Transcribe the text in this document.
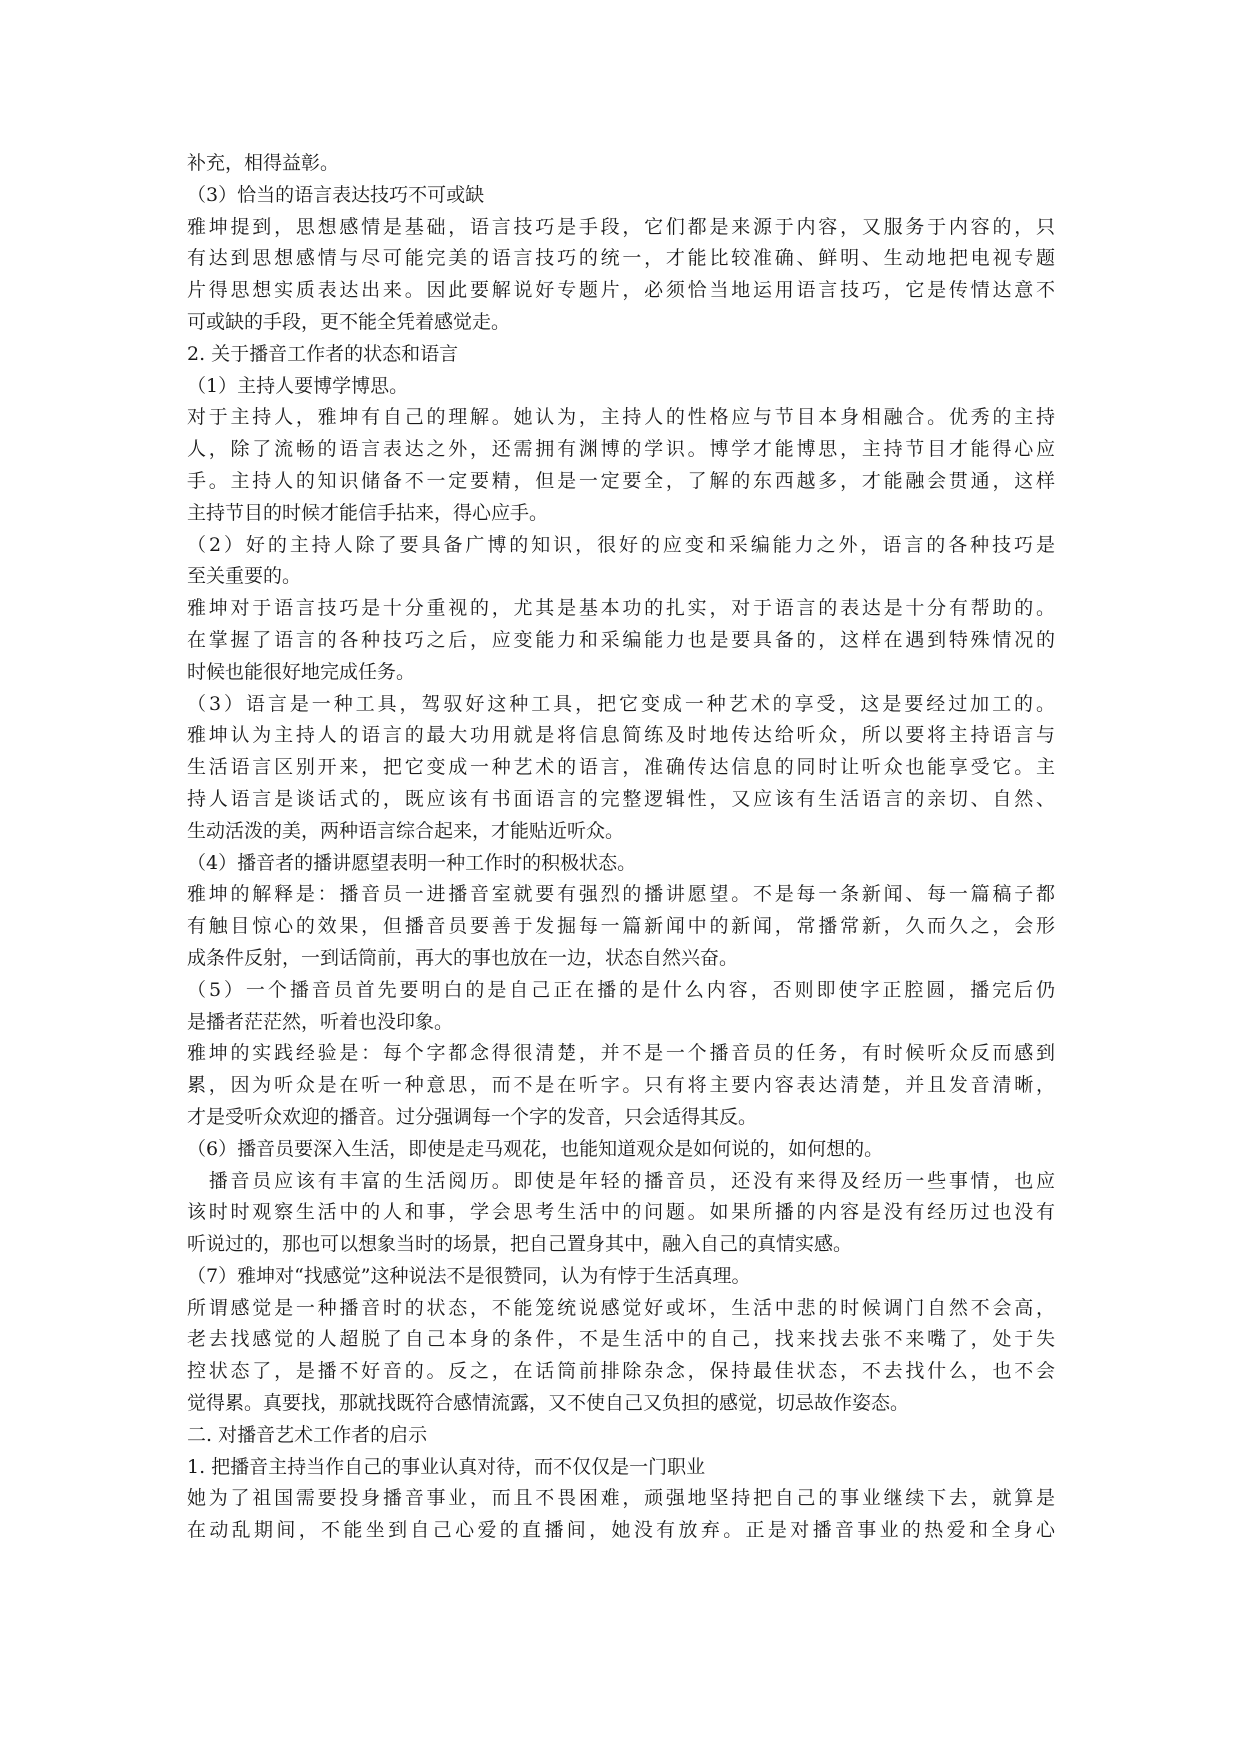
补充，相得益彰。
（3）恰当的语言表达技巧不可或缺
雅坤提到，思想感情是基础，语言技巧是手段，它们都是来源于内容，又服务于内容的，只
有达到思想感情与尽可能完美的语言技巧的统一，才能比较准确、鲜明、生动地把电视专题
片得思想实质表达出来。因此要解说好专题片，必须恰当地运用语言技巧，它是传情达意不
可或缺的手段，更不能全凭着感觉走。
2. 关于播音工作者的状态和语言
（1）主持人要博学博思。
对于主持人，雅坤有自己的理解。她认为，主持人的性格应与节目本身相融合。优秀的主持
人，除了流畅的语言表达之外，还需拥有渊博的学识。博学才能博思，主持节目才能得心应
手。主持人的知识储备不一定要精，但是一定要全，了解的东西越多，才能融会贯通，这样
主持节目的时候才能信手拈来，得心应手。
（2）好的主持人除了要具备广博的知识，很好的应变和采编能力之外，语言的各种技巧是
至关重要的。
雅坤对于语言技巧是十分重视的，尤其是基本功的扎实，对于语言的表达是十分有帮助的。
在掌握了语言的各种技巧之后，应变能力和采编能力也是要具备的，这样在遇到特殊情况的
时候也能很好地完成任务。
（3）语言是一种工具，驾驭好这种工具，把它变成一种艺术的享受，这是要经过加工的。
雅坤认为主持人的语言的最大功用就是将信息简练及时地传达给听众，所以要将主持语言与
生活语言区别开来，把它变成一种艺术的语言，准确传达信息的同时让听众也能享受它。主
持人语言是谈话式的，既应该有书面语言的完整逻辑性，又应该有生活语言的亲切、自然、
生动活泼的美，两种语言综合起来，才能贴近听众。
（4）播音者的播讲愿望表明一种工作时的积极状态。
雅坤的解释是：播音员一进播音室就要有强烈的播讲愿望。不是每一条新闻、每一篇稿子都
有触目惊心的效果，但播音员要善于发掘每一篇新闻中的新闻，常播常新，久而久之，会形
成条件反射，一到话筒前，再大的事也放在一边，状态自然兴奋。
（5）一个播音员首先要明白的是自己正在播的是什么内容，否则即使字正腔圆，播完后仍
是播者茫茫然，听着也没印象。
雅坤的实践经验是：每个字都念得很清楚，并不是一个播音员的任务，有时候听众反而感到
累，因为听众是在听一种意思，而不是在听字。只有将主要内容表达清楚，并且发音清晰，
才是受听众欢迎的播音。过分强调每一个字的发音，只会适得其反。
（6）播音员要深入生活，即使是走马观花，也能知道观众是如何说的，如何想的。
　播音员应该有丰富的生活阅历。即使是年轻的播音员，还没有来得及经历一些事情，也应
该时时观察生活中的人和事，学会思考生活中的问题。如果所播的内容是没有经历过也没有
听说过的，那也可以想象当时的场景，把自己置身其中，融入自己的真情实感。
（7）雅坤对“找感觉”这种说法不是很赞同，认为有悖于生活真理。
所谓感觉是一种播音时的状态，不能笼统说感觉好或坏，生活中悲的时候调门自然不会高，
老去找感觉的人超脱了自己本身的条件，不是生活中的自己，找来找去张不来嘴了，处于失
控状态了，是播不好音的。反之，在话筒前排除杂念，保持最佳状态，不去找什么，也不会
觉得累。真要找，那就找既符合感情流露，又不使自己又负担的感觉，切忌故作姿态。
二. 对播音艺术工作者的启示
1. 把播音主持当作自己的事业认真对待，而不仅仅是一门职业
她为了祖国需要投身播音事业，而且不畏困难，顽强地坚持把自己的事业继续下去，就算是
在动乱期间，不能坐到自己心爱的直播间，她没有放弃。正是对播音事业的热爱和全身心
